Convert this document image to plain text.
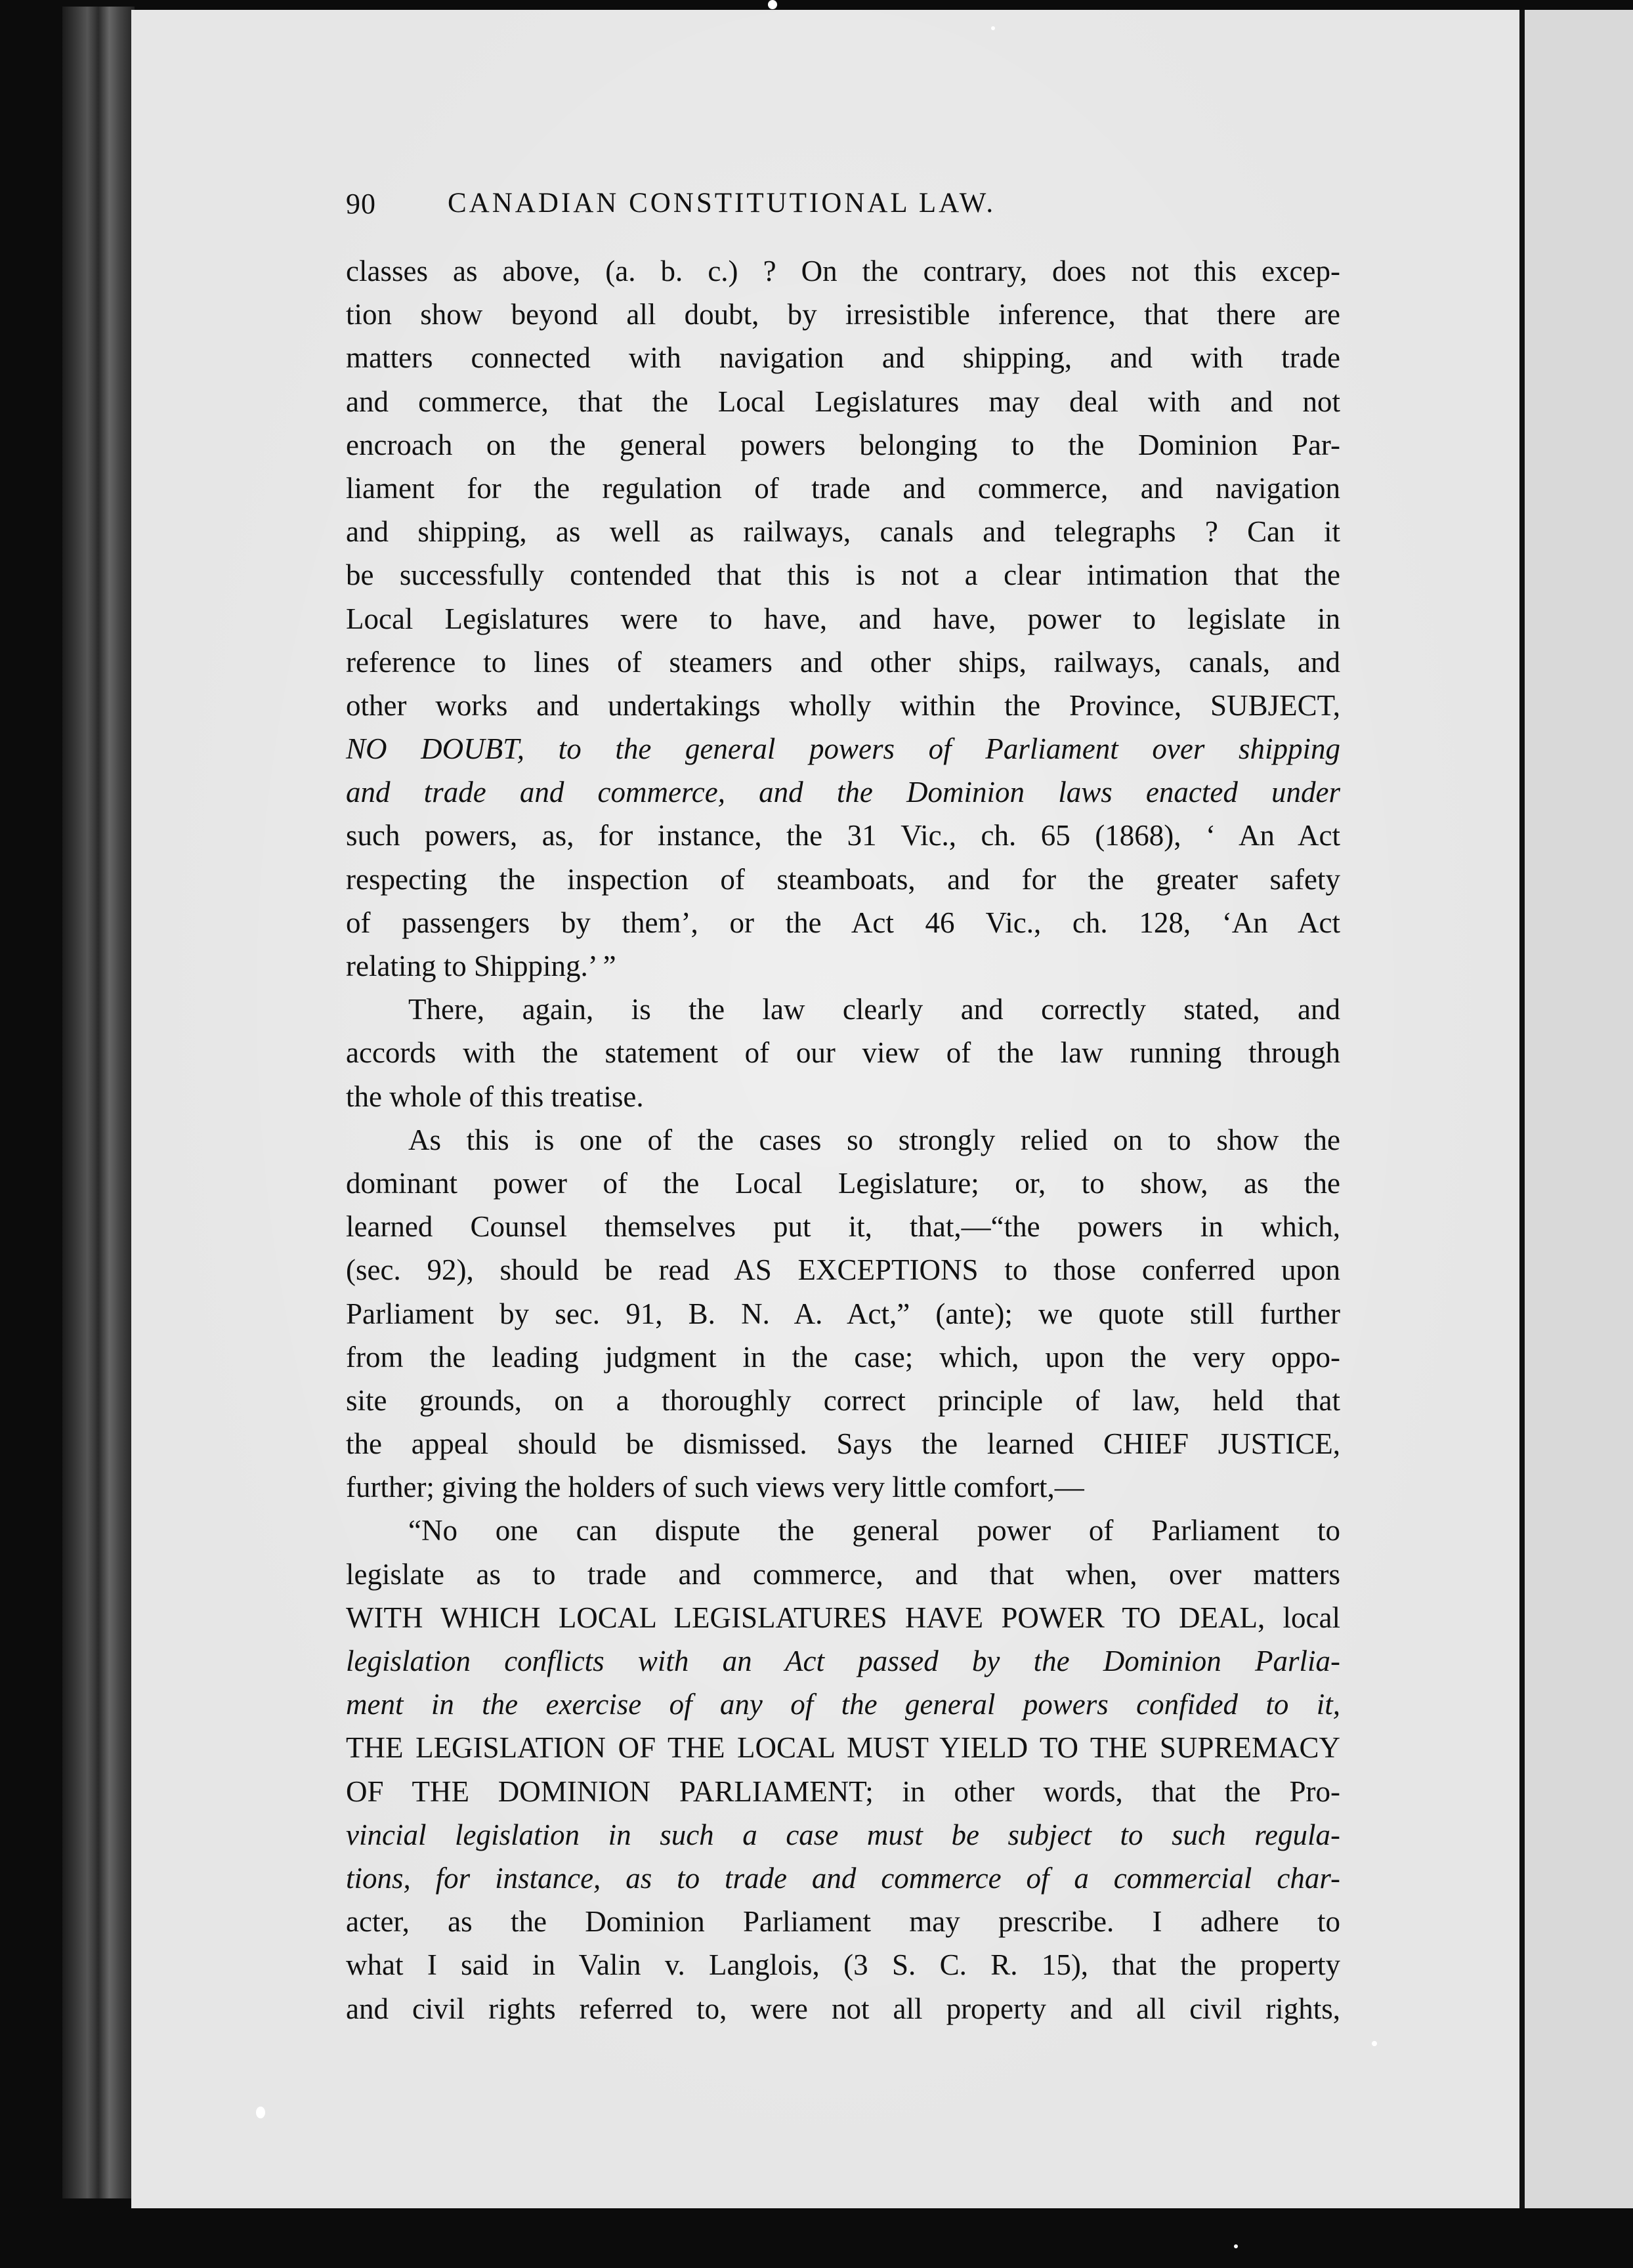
90	CANADIAN CONSTITUTIONAL LAW.
classes as above, (a. b. c.) ? On the contrary, does not this excep-
tion show beyond all doubt, by irresistible inference, that there are
matters connected with navigation and shipping, and with trade
and commerce, that the Local Legislatures may deal with and not
encroach on the general powers belonging to the Dominion Par-
liament for the regulation of trade and commerce, and navigation
and shipping, as well as railways, canals and telegraphs ? Can it
be successfully contended that this is not a clear intimation that the
Local Legislatures were to have, and have, power to legislate in
reference to lines of steamers and other ships, railways, canals, and
other works and undertakings wholly within the Province, SUBJECT,
NO DOUBT, to the general powers of Parliament over shipping
and trade and commerce, and the Dominion laws enacted under
such powers, as, for instance, the 31 Vic., ch. 65 (1868), ‘ An Act
respecting the inspection of steamboats, and for the greater safety
of passengers by them’, or the Act 46 Vic., ch. 128, ‘An Act
relating to Shipping.’ ”
There, again, is the law clearly and correctly stated, and
accords with the statement of our view of the law running through
the whole of this treatise.
As this is one of the cases so strongly relied on to show the
dominant power of the Local Legislature; or, to show, as the
learned Counsel themselves put it, that,—“the powers in which,
(sec. 92), should be read AS EXCEPTIONS to those conferred upon
Parliament by sec. 91, B. N. A. Act,” (ante); we quote still further
from the leading judgment in the case; which, upon the very oppo-
site grounds, on a thoroughly correct principle of law, held that
the appeal should be dismissed. Says the learned CHIEF JUSTICE,
further; giving the holders of such views very little comfort,—
“No one can dispute the general power of Parliament to
legislate as to trade and commerce, and that when, over matters
WITH WHICH LOCAL LEGISLATURES HAVE POWER TO DEAL, local
legislation conflicts with an Act passed by the Dominion Parlia-
ment in the exercise of any of the general powers confided to it,
THE LEGISLATION OF THE LOCAL MUST YIELD TO THE SUPREMACY
OF THE DOMINION PARLIAMENT; in other words, that the Pro-
vincial legislation in such a case must be subject to such regula-
tions, for instance, as to trade and commerce of a commercial char-
acter, as the Dominion Parliament may prescribe. I adhere to
what I said in Valin v. Langlois, (3 S. C. R. 15), that the property
and civil rights referred to, were not all property and all civil rights,
